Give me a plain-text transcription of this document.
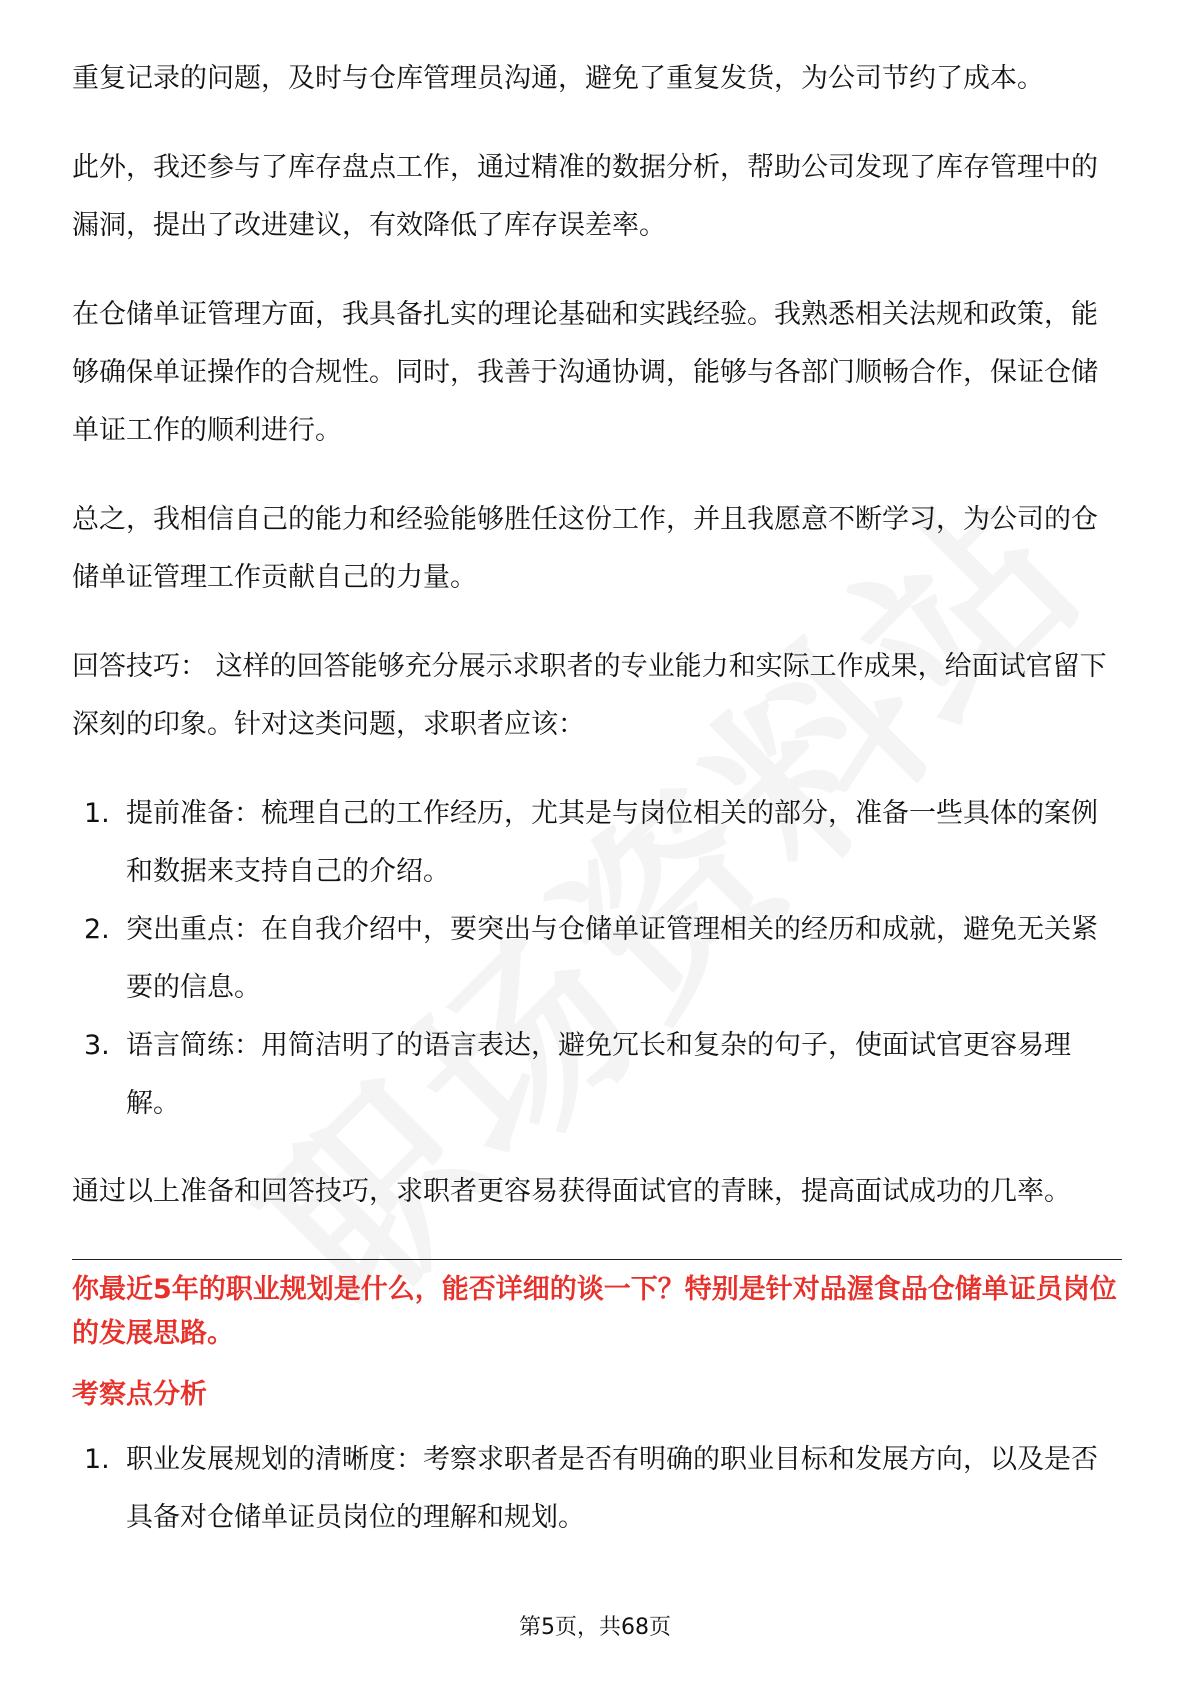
重复记录的问题，及时与仓库管理员沟通，避免了重复发货，为公司节约了成本。

此外，我还参与了库存盘点工作，通过精准的数据分析，帮助公司发现了库存管理中的漏洞，提出了改进建议，有效降低了库存误差率。

在仓储单证管理方面，我具备扎实的理论基础和实践经验。我熟悉相关法规和政策，能够确保单证操作的合规性。同时，我善于沟通协调，能够与各部门顺畅合作，保证仓储单证工作的顺利进行。

总之，我相信自己的能力和经验能够胜任这份工作，并且我愿意不断学习，为公司的仓储单证管理工作贡献自己的力量。

回答技巧： 这样的回答能够充分展示求职者的专业能力和实际工作成果，给面试官留下深刻的印象。针对这类问题，求职者应该：

1. 提前准备：梳理自己的工作经历，尤其是与岗位相关的部分，准备一些具体的案例和数据来支持自己的介绍。
2. 突出重点：在自我介绍中，要突出与仓储单证管理相关的经历和成就，避免无关紧要的信息。
3. 语言简练：用简洁明了的语言表达，避免冗长和复杂的句子，使面试官更容易理解。

通过以上准备和回答技巧，求职者更容易获得面试官的青睐，提高面试成功的几率。

你最近5年的职业规划是什么，能否详细的谈一下？特别是针对品渥食品仓储单证员岗位的发展思路。
考察点分析
1. 职业发展规划的清晰度：考察求职者是否有明确的职业目标和发展方向，以及是否具备对仓储单证员岗位的理解和规划。
第5页，共68页
